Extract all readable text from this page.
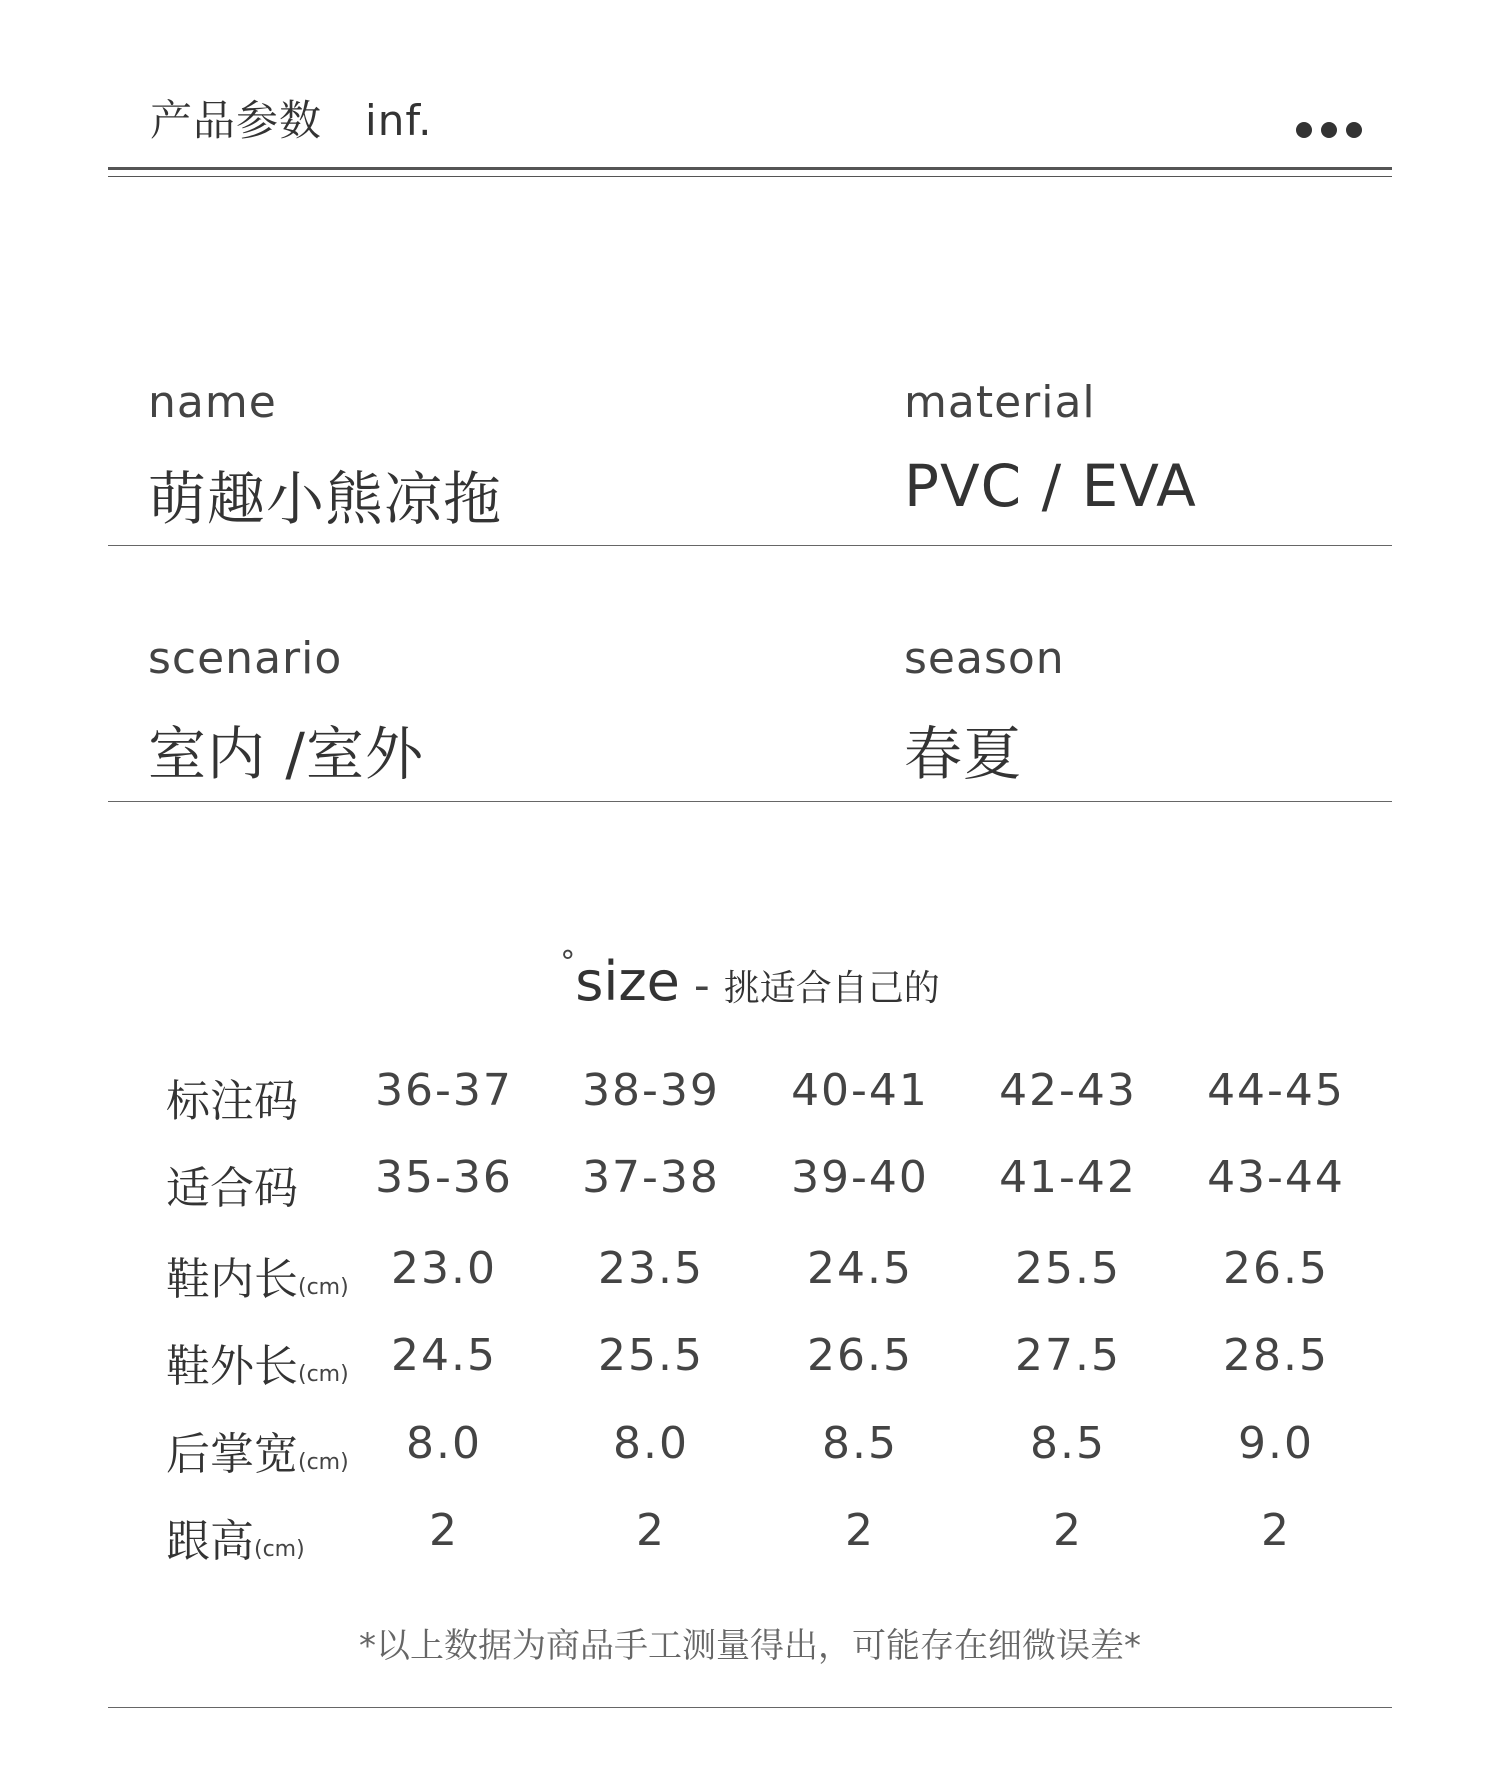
产品参数   inf.
name
萌趣小熊凉拖
material
PVC / EVA
scenario
室内 /室外
season
春夏
°size - 挑适合自己的
标注码	36-37	38-39	40-41	42-43	44-45
适合码	35-36	37-38	39-40	41-42	43-44
鞋内长(cm) 23.0	23.5	24.5	25.5	26.5
鞋外长(cm) 24.5	25.5	26.5	27.5	28.5
后掌宽(cm)	8.0	8.0	8.5	8.5	9.0
跟高(cm)	2	2	2	2	2
*以上数据为商品手工测量得出，可能存在细微误差*
